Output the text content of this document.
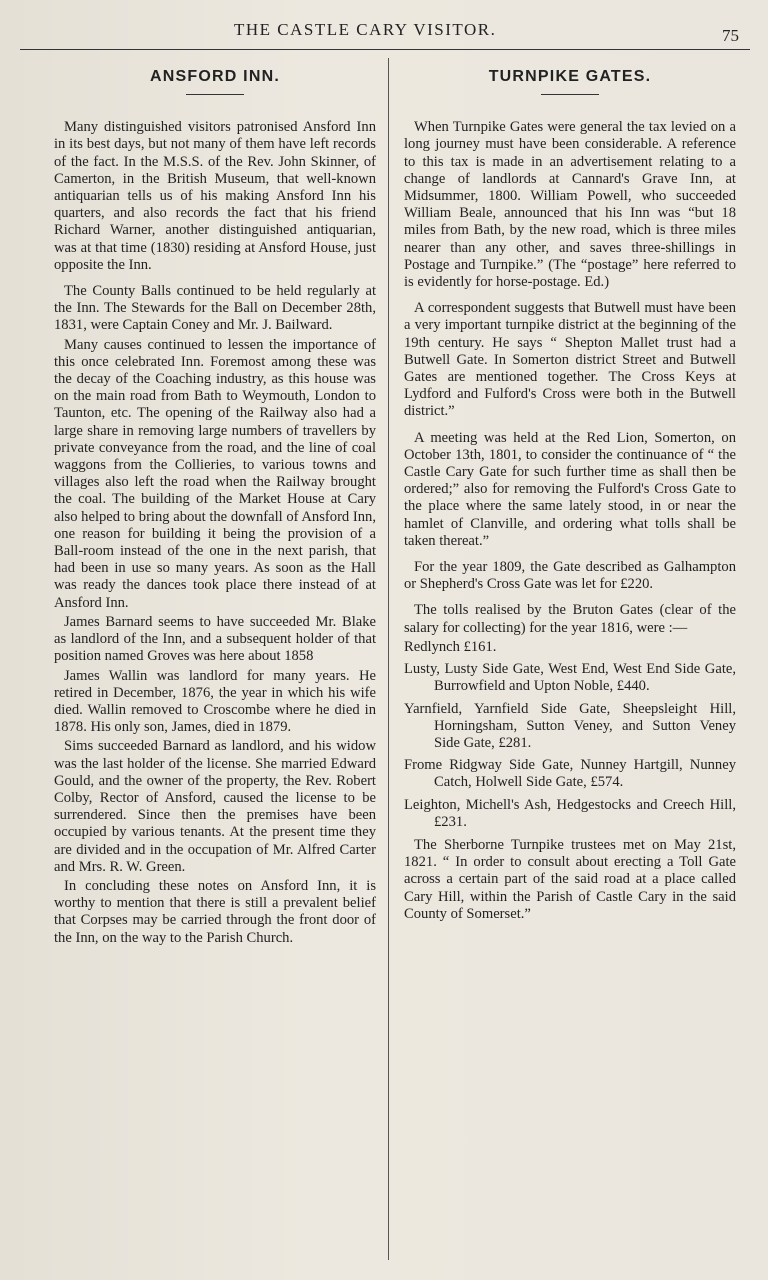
THE CASTLE CARY VISITOR.	75
ANSFORD INN.

Many distinguished visitors patronised Ansford Inn in its best days, but not many of them have left records of the fact. In the M.S.S. of the Rev. John Skinner, of Camerton, in the British Museum, that well-known antiquarian tells us of his making Ansford Inn his quarters, and also records the fact that his friend Richard Warner, another distinguished antiquarian, was at that time (1830) residing at Ansford House, just opposite the Inn.

The County Balls continued to be held regularly at the Inn. The Stewards for the Ball on December 28th, 1831, were Captain Coney and Mr. J. Bailward.

Many causes continued to lessen the importance of this once celebrated Inn. Foremost among these was the decay of the Coaching industry, as this house was on the main road from Bath to Weymouth, London to Taunton, etc. The opening of the Railway also had a large share in removing large numbers of travellers by private conveyance from the road, and the line of coal waggons from the Collieries, to various towns and villages also left the road when the Railway brought the coal. The building of the Market House at Cary also helped to bring about the downfall of Ansford Inn, one reason for building it being the provision of a Ball-room instead of the one in the next parish, that had been in use so many years. As soon as the Hall was ready the dances took place there instead of at Ansford Inn.

James Barnard seems to have succeeded Mr. Blake as landlord of the Inn, and a subsequent holder of that position named Groves was here about 1858

James Wallin was landlord for many years. He retired in December, 1876, the year in which his wife died. Wallin removed to Croscombe where he died in 1878. His only son, James, died in 1879.

Sims succeeded Barnard as landlord, and his widow was the last holder of the license. She married Edward Gould, and the owner of the property, the Rev. Robert Colby, Rector of Ansford, caused the license to be surrendered. Since then the premises have been occupied by various tenants. At the present time they are divided and in the occupation of Mr. Alfred Carter and Mrs. R. W. Green.

In concluding these notes on Ansford Inn, it is worthy to mention that there is still a prevalent belief that Corpses may be carried through the front door of the Inn, on the way to the Parish Church.

TURNPIKE GATES.

When Turnpike Gates were general the tax levied on a long journey must have been considerable. A reference to this tax is made in an advertisement relating to a change of landlords at Cannard's Grave Inn, at Midsummer, 1800. William Powell, who succeeded William Beale, announced that his Inn was “but 18 miles from Bath, by the new road, which is three miles nearer than any other, and saves three-shillings in Postage and Turnpike.” (The “postage” here referred to is evidently for horse-postage. Ed.)

A correspondent suggests that Butwell must have been a very important turnpike district at the beginning of the 19th century. He says “ Shepton Mallet trust had a Butwell Gate. In Somerton district Street and Butwell Gates are mentioned together. The Cross Keys at Lydford and Fulford's Cross were both in the Butwell district.”

A meeting was held at the Red Lion, Somerton, on October 13th, 1801, to consider the continuance of “ the Castle Cary Gate for such further time as shall then be ordered;” also for removing the Fulford's Cross Gate to the place where the same lately stood, in or near the hamlet of Clanville, and ordering what tolls shall be taken thereat.”

For the year 1809, the Gate described as Galhampton or Shepherd's Cross Gate was let for £220.

The tolls realised by the Bruton Gates (clear of the salary for collecting) for the year 1816, were :—

Redlynch £161.
Lusty, Lusty Side Gate, West End, West End Side Gate, Burrowfield and Upton Noble, £440.
Yarnfield, Yarnfield Side Gate, Sheepsleight Hill, Horningsham, Sutton Veney, and Sutton Veney Side Gate, £281.
Frome Ridgway Side Gate, Nunney Hartgill, Nunney Catch, Holwell Side Gate, £574.
Leighton, Michell's Ash, Hedgestocks and Creech Hill, £231.

The Sherborne Turnpike trustees met on May 21st, 1821. “ In order to consult about erecting a Toll Gate across a certain part of the said road at a place called Cary Hill, within the Parish of Castle Cary in the said County of Somerset.”
